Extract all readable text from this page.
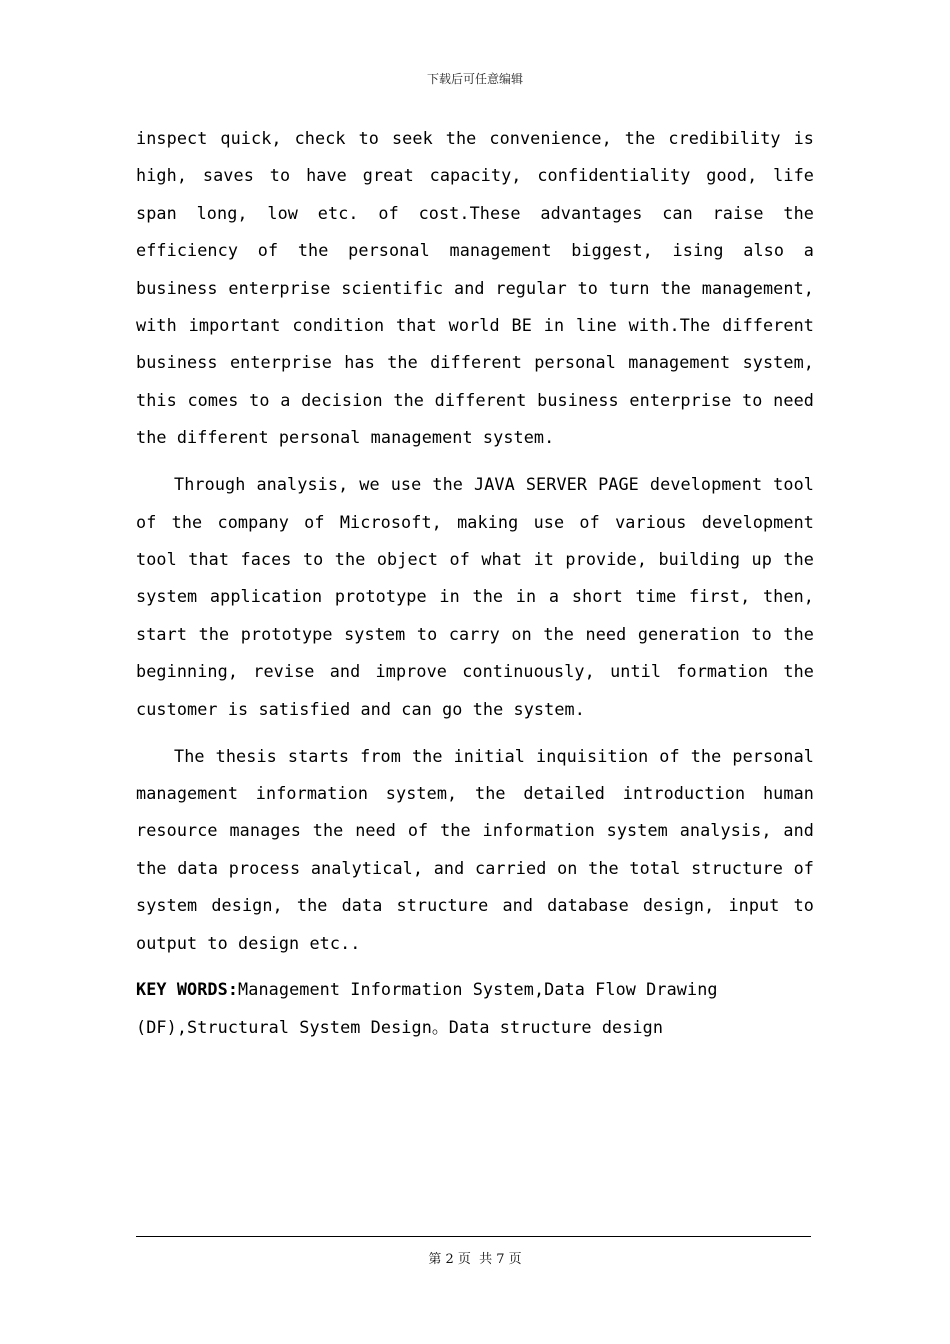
下载后可任意编辑

inspect quick, check to seek the convenience, the credibility is high, saves to have great capacity, confidentiality good, life span long, low etc. of cost.These advantages can raise the efficiency of the personal management biggest, ising also a business enterprise scientific and regular to turn the management, with important condition that world BE in line with.The different business enterprise has the different personal management system, this comes to a decision the different business enterprise to need the different personal management system.

Through analysis, we use the JAVA SERVER PAGE development tool of the company of Microsoft, making use of various development tool that faces to the object of what it provide, building up the system application prototype in the in a short time first, then, start the prototype system to carry on the need generation to the beginning, revise and improve continuously, until formation the customer is satisfied and can go the system.

The thesis starts from the initial inquisition of the personal management information system, the detailed introduction human resource manages the need of the information system analysis, and the data process analytical, and carried on the total structure of system design, the data structure and database design, input to output to design etc..

KEY WORDS:Management Information System,Data Flow Drawing
(DF),Structural System Design。Data structure design

第 2 页  共 7 页
